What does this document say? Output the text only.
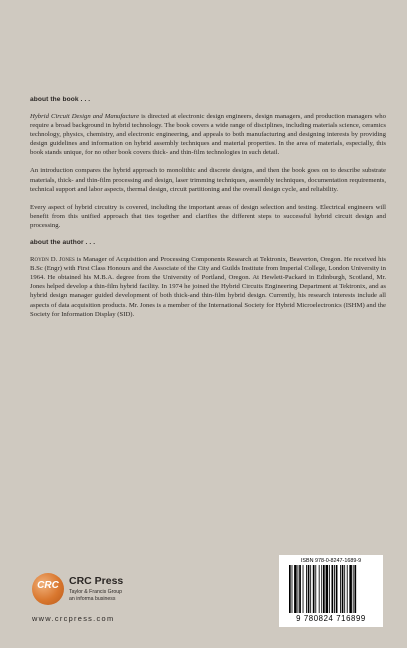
about the book . . .

Hybrid Circuit Design and Manufacture is directed at electronic design engineers, design managers, and production managers who require a broad background in hybrid technology. The book covers a wide range of disciplines, including materials science, ceramics technology, physics, chemistry, and electronic engineering, and appeals to both manufacturing and designing interests by providing design guidelines and information on hybrid assembly techniques and material properties. In the area of materials, especially, this book stands unique, for no other book covers thick- and thin-film technologies in such detail.

An introduction compares the hybrid approach to monolithic and discrete designs, and then the book goes on to describe substrate materials, thick- and thin-film processing and design, laser trimming techniques, assembly techniques, documentation requirements, technical support and labor aspects, thermal design, circuit partitioning and the overall design cycle, and reliability.

Every aspect of hybrid circuitry is covered, including the important areas of design selection and testing. Electrical engineers will benefit from this unified approach that ties together and clarifies the different steps to successful hybrid circuit design and processing.

about the author . . .

Roydn D. Jones is Manager of Acquisition and Processing Components Research at Tektronix, Beaverton, Oregon. He received his B.Sc (Engr) with First Class Honours and the Associate of the City and Guilds Institute from Imperial College, London University in 1964. He obtained his M.B.A. degree from the University of Portland, Oregon. At Hewlett-Packard in Edinburgh, Scotland, Mr. Jones helped develop a thin-film hybrid facility. In 1974 he joined the Hybrid Circuits Engineering Department at Tektronix, and as hybrid design manager guided development of both thick-and thin-film hybrid design. Currently, his research interests include all aspects of data acquisition products. Mr. Jones is a member of the International Society for Hybrid Microelectronics (ISHM) and the Society for Information Display (SID).

CRC CRC Press
Taylor & Francis Group
an informa business
www.crcpress.com
ISBN 978-0-8247-1689-9
9 780824 716899
